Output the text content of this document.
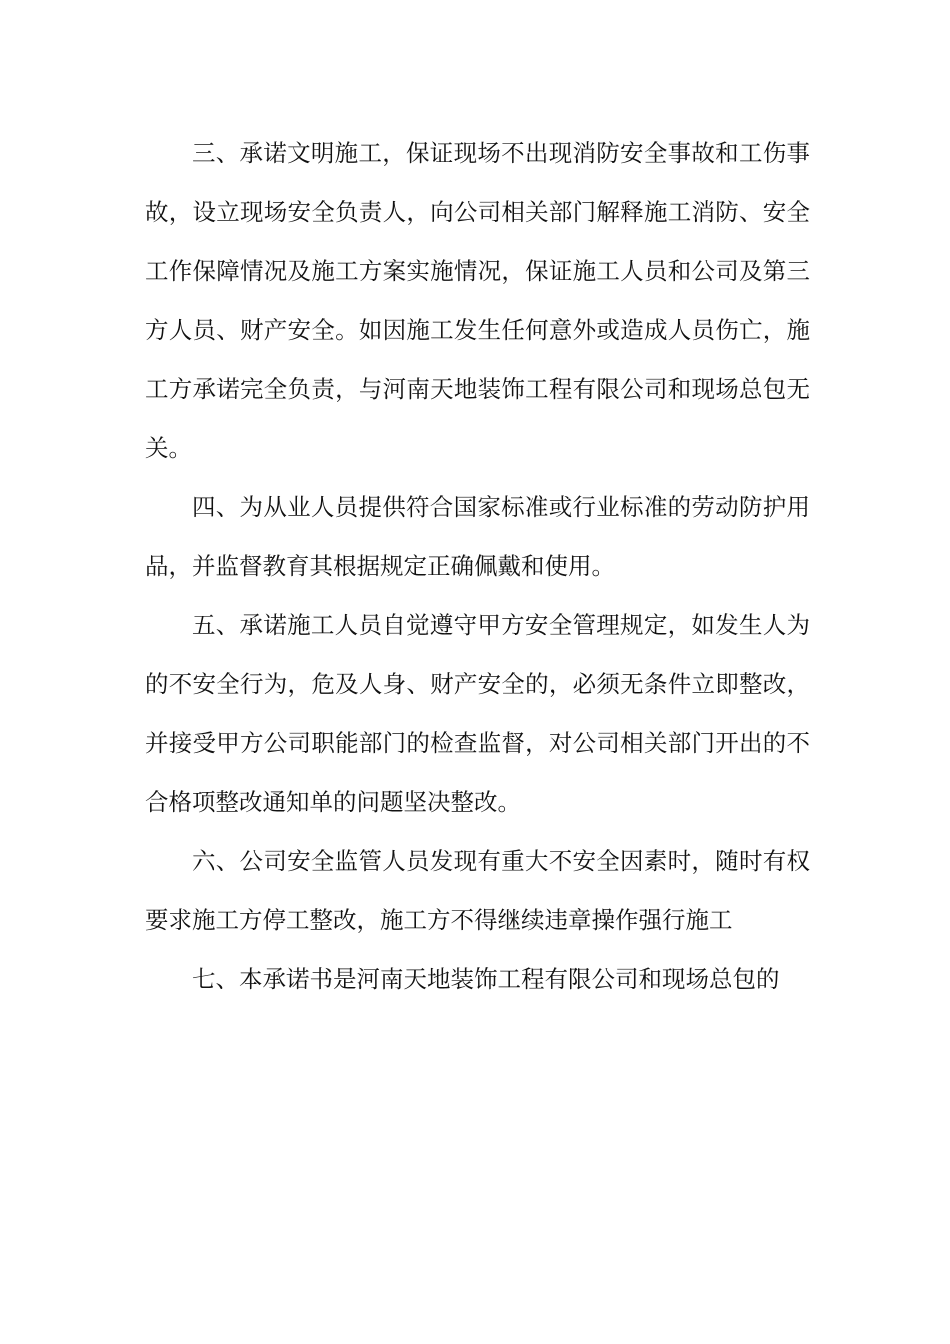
三、承诺文明施工，保证现场不出现消防安全事故和工伤事故，设立现场安全负责人，向公司相关部门解释施工消防、安全工作保障情况及施工方案实施情况，保证施工人员和公司及第三方人员、财产安全。如因施工发生任何意外或造成人员伤亡，施工方承诺完全负责，与河南天地装饰工程有限公司和现场总包无关。

四、为从业人员提供符合国家标准或行业标准的劳动防护用品，并监督教育其根据规定正确佩戴和使用。

五、承诺施工人员自觉遵守甲方安全管理规定，如发生人为的不安全行为，危及人身、财产安全的，必须无条件立即整改，并接受甲方公司职能部门的检查监督，对公司相关部门开出的不合格项整改通知单的问题坚决整改。

六、公司安全监管人员发现有重大不安全因素时，随时有权要求施工方停工整改，施工方不得继续违章操作强行施工

七、本承诺书是河南天地装饰工程有限公司和现场总包的
